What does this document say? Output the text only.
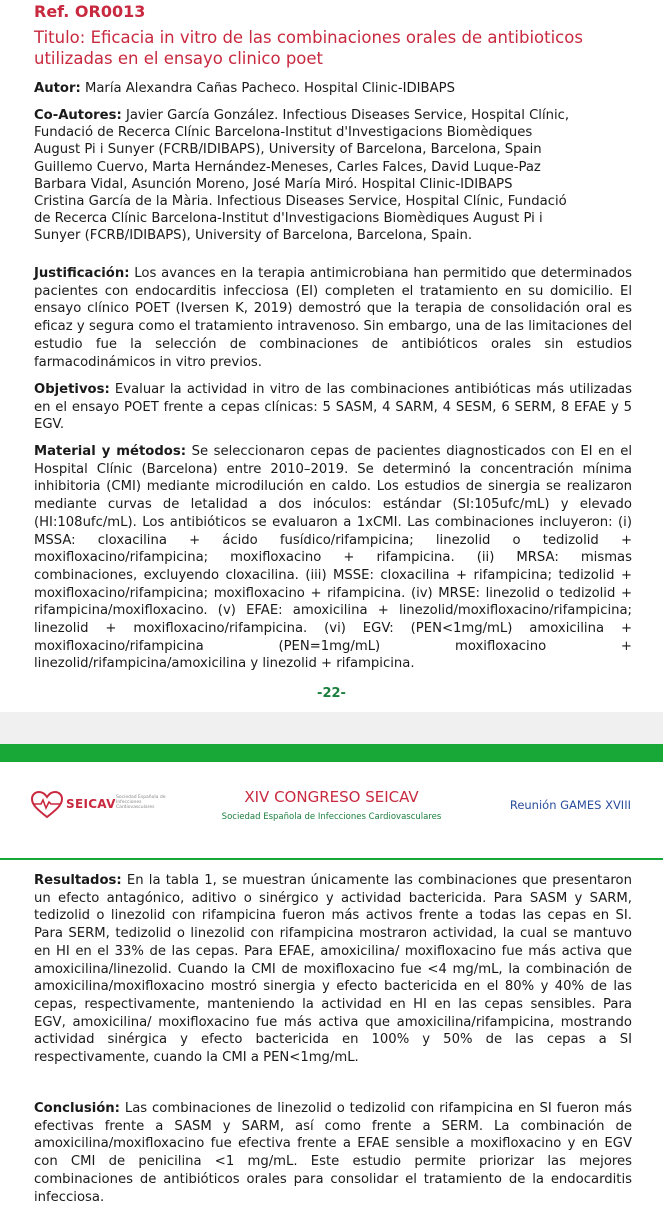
Ref. OR0013
Titulo: Eficacia in vitro de las combinaciones orales de antibioticos utilizadas en el ensayo clinico poet

Autor: María Alexandra Cañas Pacheco. Hospital Clinic-IDIBAPS

Co-Autores: Javier García González. Infectious Diseases Service, Hospital Clínic,
Fundació de Recerca Clínic Barcelona-Institut d'Investigacions Biomèdiques
August Pi i Sunyer (FCRB/IDIBAPS), University of Barcelona, Barcelona, Spain
Guillemo Cuervo, Marta Hernández-Meneses, Carles Falces, David Luque-Paz
Barbara Vidal, Asunción Moreno, José María Miró. Hospital Clinic-IDIBAPS
Cristina García de la Mària. Infectious Diseases Service, Hospital Clínic, Fundació
de Recerca Clínic Barcelona-Institut d'Investigacions Biomèdiques August Pi i
Sunyer (FCRB/IDIBAPS), University of Barcelona, Barcelona, Spain.

Justificación: Los avances en la terapia antimicrobiana han permitido que determinados pacientes con endocarditis infecciosa (EI) completen el tratamiento en su domicilio. El ensayo clínico POET (Iversen K, 2019) demostró que la terapia de consolidación oral es eficaz y segura como el tratamiento intravenoso. Sin embargo, una de las limitaciones del estudio fue la selección de combinaciones de antibióticos orales sin estudios farmacodinámicos in vitro previos.

Objetivos: Evaluar la actividad in vitro de las combinaciones antibióticas más utilizadas en el ensayo POET frente a cepas clínicas: 5 SASM, 4 SARM, 4 SESM, 6 SERM, 8 EFAE y 5 EGV.

Material y métodos: Se seleccionaron cepas de pacientes diagnosticados con EI en el Hospital Clínic (Barcelona) entre 2010–2019. Se determinó la concentración mínima inhibitoria (CMI) mediante microdilución en caldo. Los estudios de sinergia se realizaron mediante curvas de letalidad a dos inóculos: estándar (SI:105ufc/mL) y elevado (HI:108ufc/mL). Los antibióticos se evaluaron a 1xCMI. Las combinaciones incluyeron: (i) MSSA: cloxacilina + ácido fusídico/rifampicina; linezolid o tedizolid + moxifloxacino/rifampicina; moxifloxacino + rifampicina. (ii) MRSA: mismas combinaciones, excluyendo cloxacilina. (iii) MSSE: cloxacilina + rifampicina; tedizolid + moxifloxacino/rifampicina; moxifloxacino + rifampicina. (iv) MRSE: linezolid o tedizolid + rifampicina/moxifloxacino. (v) EFAE: amoxicilina + linezolid/moxifloxacino/rifampicina; linezolid + moxifloxacino/rifampicina. (vi) EGV: (PEN<1mg/mL) amoxicilina + moxifloxacino/rifampicina (PEN=1mg/mL) moxifloxacino + linezolid/rifampicina/amoxicilina y linezolid + rifampicina.

-22-
SEICAV Sociedad Española de Infecciones Cardiovasculares
XIV CONGRESO SEICAV
Sociedad Española de Infecciones Cardiovasculares
Reunión GAMES XVIII

Resultados: En la tabla 1, se muestran únicamente las combinaciones que presentaron un efecto antagónico, aditivo o sinérgico y actividad bactericida. Para SASM y SARM, tedizolid o linezolid con rifampicina fueron más activos frente a todas las cepas en SI. Para SERM, tedizolid o linezolid con rifampicina mostraron actividad, la cual se mantuvo en HI en el 33% de las cepas. Para EFAE, amoxicilina/ moxifloxacino fue más activa que amoxicilina/linezolid. Cuando la CMI de moxifloxacino fue <4 mg/mL, la combinación de amoxicilina/moxifloxacino mostró sinergia y efecto bactericida en el 80% y 40% de las cepas, respectivamente, manteniendo la actividad en HI en las cepas sensibles. Para EGV, amoxicilina/ moxifloxacino fue más activa que amoxicilina/rifampicina, mostrando actividad sinérgica y efecto bactericida en 100% y 50% de las cepas a SI respectivamente, cuando la CMI a PEN<1mg/mL.

Conclusión: Las combinaciones de linezolid o tedizolid con rifampicina en SI fueron más efectivas frente a SASM y SARM, así como frente a SERM. La combinación de amoxicilina/moxifloxacino fue efectiva frente a EFAE sensible a moxifloxacino y en EGV con CMI de penicilina <1 mg/mL. Este estudio permite priorizar las mejores combinaciones de antibióticos orales para consolidar el tratamiento de la endocarditis infecciosa.
